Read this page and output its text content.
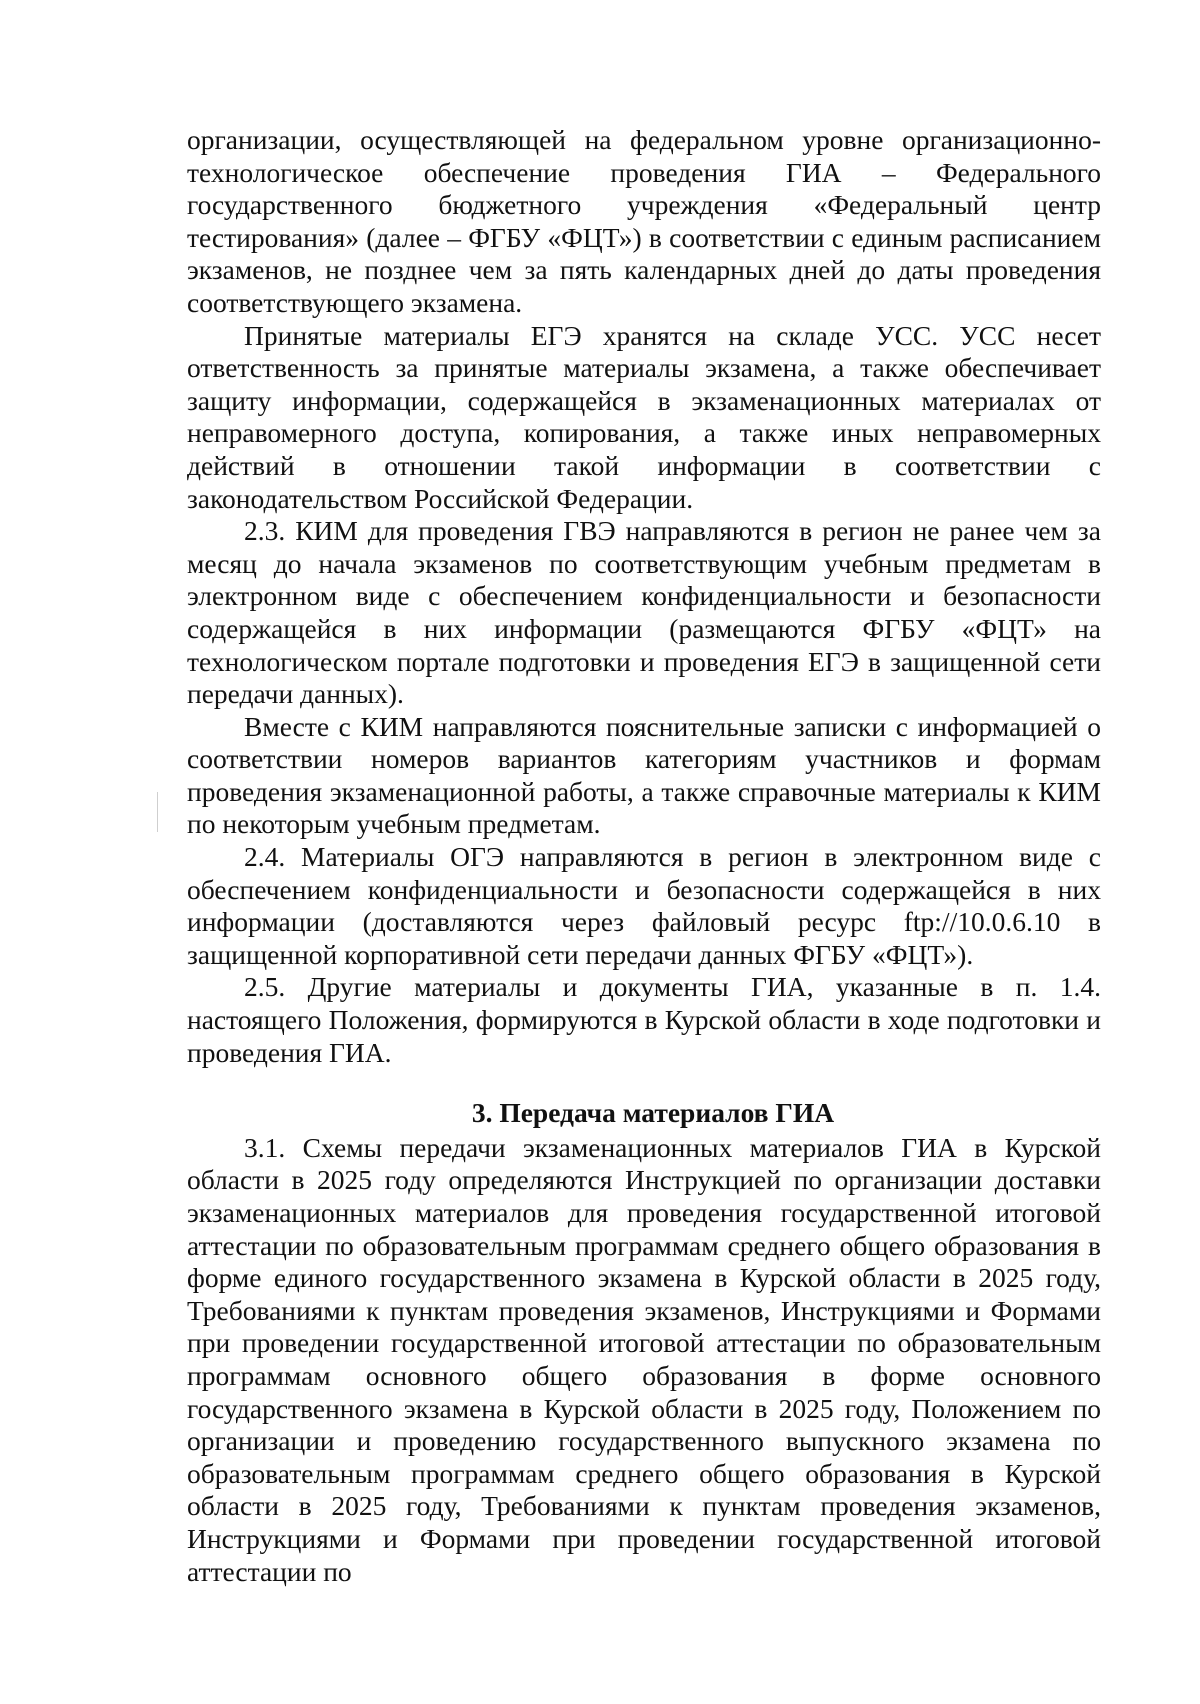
организации, осуществляющей на федеральном уровне организационно-технологическое обеспечение проведения ГИА – Федерального государственного бюджетного учреждения «Федеральный центр тестирования» (далее – ФГБУ «ФЦТ») в соответствии с единым расписанием экзаменов, не позднее чем за пять календарных дней до даты проведения соответствующего экзамена.

Принятые материалы ЕГЭ хранятся на складе УСС. УСС несет ответственность за принятые материалы экзамена, а также обеспечивает защиту информации, содержащейся в экзаменационных материалах от неправомерного доступа, копирования, а также иных неправомерных действий в отношении такой информации в соответствии с законодательством Российской Федерации.

2.3. КИМ для проведения ГВЭ направляются в регион не ранее чем за месяц до начала экзаменов по соответствующим учебным предметам в электронном виде с обеспечением конфиденциальности и безопасности содержащейся в них информации (размещаются ФГБУ «ФЦТ» на технологическом портале подготовки и проведения ЕГЭ в защищенной сети передачи данных).

Вместе с КИМ направляются пояснительные записки с информацией о соответствии номеров вариантов категориям участников и формам проведения экзаменационной работы, а также справочные материалы к КИМ по некоторым учебным предметам.

2.4. Материалы ОГЭ направляются в регион в электронном виде с обеспечением конфиденциальности и безопасности содержащейся в них информации (доставляются через файловый ресурс ftp://10.0.6.10 в защищенной корпоративной сети передачи данных ФГБУ «ФЦТ»).

2.5. Другие материалы и документы ГИА, указанные в п. 1.4. настоящего Положения, формируются в Курской области в ходе подготовки и проведения ГИА.

3. Передача материалов ГИА

3.1. Схемы передачи экзаменационных материалов ГИА в Курской области в 2025 году определяются Инструкцией по организации доставки экзаменационных материалов для проведения государственной итоговой аттестации по образовательным программам среднего общего образования в форме единого государственного экзамена в Курской области в 2025 году, Требованиями к пунктам проведения экзаменов, Инструкциями и Формами при проведении государственной итоговой аттестации по образовательным программам основного общего образования в форме основного государственного экзамена в Курской области в 2025 году, Положением по организации и проведению государственного выпускного экзамена по образовательным программам среднего общего образования в Курской области в 2025 году, Требованиями к пунктам проведения экзаменов, Инструкциями и Формами при проведении государственной итоговой аттестации по
